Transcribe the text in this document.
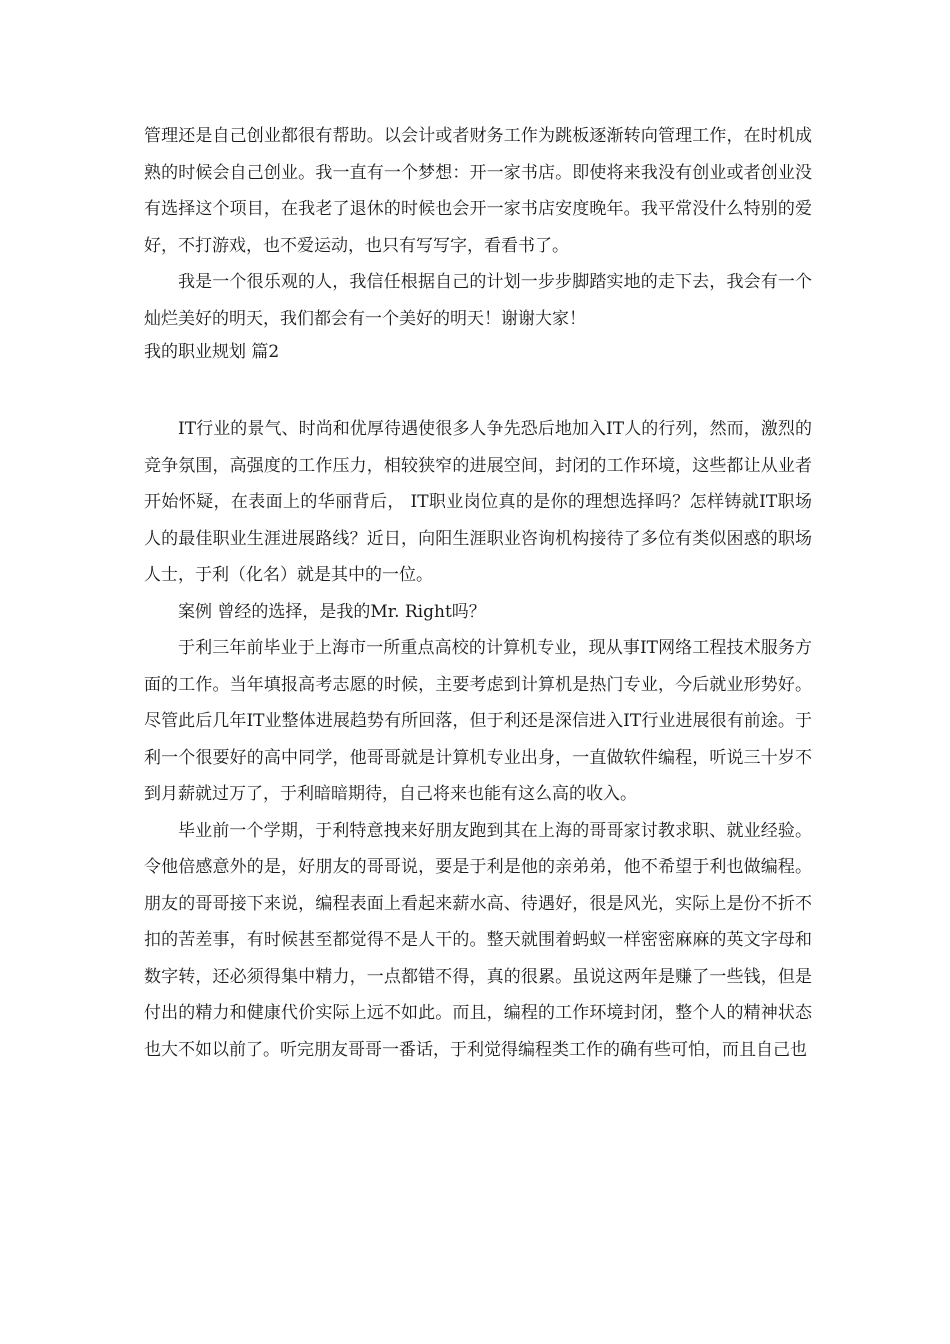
管理还是自己创业都很有帮助。以会计或者财务工作为跳板逐渐转向管理工作，在时机成熟的时候会自己创业。我一直有一个梦想：开一家书店。即使将来我没有创业或者创业没有选择这个项目，在我老了退休的时候也会开一家书店安度晚年。我平常没什么特别的爱好，不打游戏，也不爱运动，也只有写写字，看看书了。

我是一个很乐观的人，我信任根据自己的计划一步步脚踏实地的走下去，我会有一个灿烂美好的明天，我们都会有一个美好的明天！谢谢大家！

我的职业规划 篇2

IT行业的景气、时尚和优厚待遇使很多人争先恐后地加入IT人的行列，然而，激烈的竞争氛围，高强度的工作压力，相较狭窄的进展空间，封闭的工作环境，这些都让从业者开始怀疑，在表面上的华丽背后， IT职业岗位真的是你的理想选择吗？怎样铸就IT职场人的最佳职业生涯进展路线？近日，向阳生涯职业咨询机构接待了多位有类似困惑的职场人士，于利（化名）就是其中的一位。

案例 曾经的选择，是我的Mr. Right吗？

于利三年前毕业于上海市一所重点高校的计算机专业，现从事IT网络工程技术服务方面的工作。当年填报高考志愿的时候，主要考虑到计算机是热门专业，今后就业形势好。尽管此后几年IT业整体进展趋势有所回落，但于利还是深信进入IT行业进展很有前途。于利一个很要好的高中同学，他哥哥就是计算机专业出身，一直做软件编程，听说三十岁不到月薪就过万了，于利暗暗期待，自己将来也能有这么高的收入。

毕业前一个学期，于利特意拽来好朋友跑到其在上海的哥哥家讨教求职、就业经验。令他倍感意外的是，好朋友的哥哥说，要是于利是他的亲弟弟，他不希望于利也做编程。朋友的哥哥接下来说，编程表面上看起来薪水高、待遇好，很是风光，实际上是份不折不扣的苦差事，有时候甚至都觉得不是人干的。整天就围着蚂蚁一样密密麻麻的英文字母和数字转，还必须得集中精力，一点都错不得，真的很累。虽说这两年是赚了一些钱，但是付出的精力和健康代价实际上远不如此。而且，编程的工作环境封闭，整个人的精神状态也大不如以前了。听完朋友哥哥一番话，于利觉得编程类工作的确有些可怕，而且自己也
